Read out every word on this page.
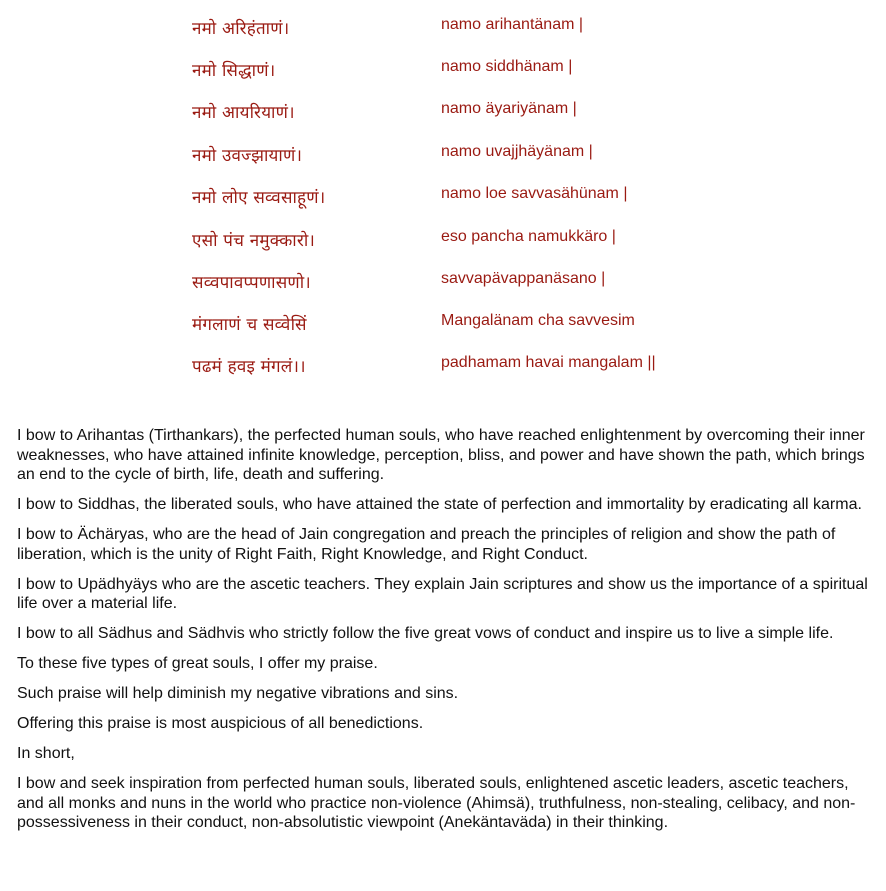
नमो अरिहंताणं।	namo arihantänam |
नमो सिद्धाणं।	namo siddhänam |
नमो आयरियाणं।	namo äyariyänam |
नमो उवज्झायाणं।	namo uvajjhäyänam |
नमो लोए सव्वसाहूणं।	namo loe savvasähünam |
एसो पंच नमुक्कारो।	eso pancha namukkäro |
सव्वपावप्पणासणो।	savvapävappanäsano |
मंगलाणं च सव्वेसिं	Mangalänam cha savvesim
पढमं हवइ मंगलं।।	padhamam havai mangalam ||

I bow to Arihantas (Tirthankars), the perfected human souls, who have reached enlightenment by overcoming their inner weaknesses, who have attained infinite knowledge, perception, bliss, and power and have shown the path, which brings an end to the cycle of birth, life, death and suffering.

I bow to Siddhas, the liberated souls, who have attained the state of perfection and immortality by eradicating all karma.

I bow to Ächäryas, who are the head of Jain congregation and preach the principles of religion and show the path of liberation, which is the unity of Right Faith, Right Knowledge, and Right Conduct.

I bow to Upädhyäys who are the ascetic teachers. They explain Jain scriptures and show us the importance of a spiritual life over a material life.

I bow to all Sädhus and Sädhvis who strictly follow the five great vows of conduct and inspire us to live a simple life.

To these five types of great souls, I offer my praise.

Such praise will help diminish my negative vibrations and sins.

Offering this praise is most auspicious of all benedictions.

In short,

I bow and seek inspiration from perfected human souls, liberated souls, enlightened ascetic leaders, ascetic teachers, and all monks and nuns in the world who practice non-violence (Ahimsä), truthfulness, non-stealing, celibacy, and non-possessiveness in their conduct, non-absolutistic viewpoint (Anekäntaväda) in their thinking.
